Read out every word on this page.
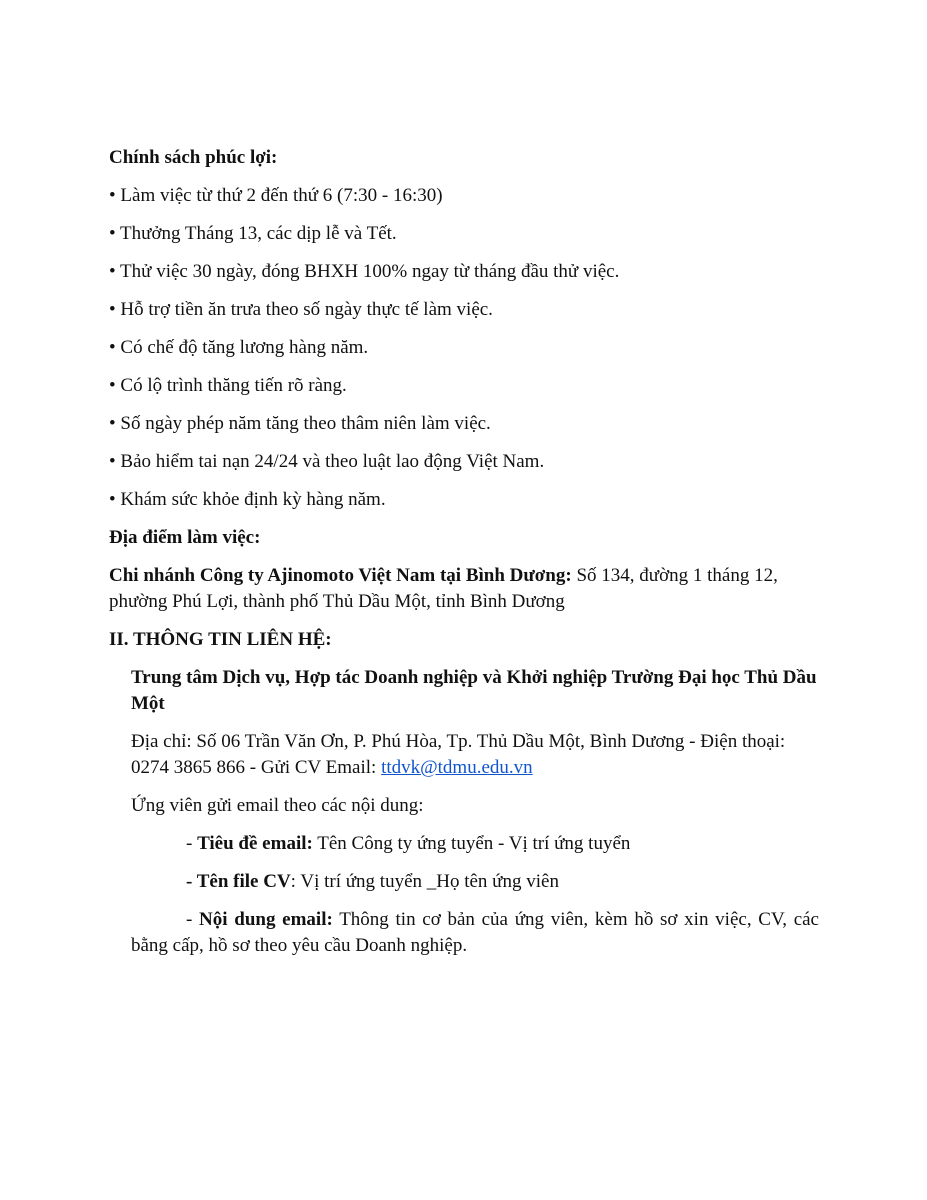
Chính sách phúc lợi:
• Làm việc từ thứ 2 đến thứ 6 (7:30 - 16:30)
• Thưởng Tháng 13, các dịp lễ và Tết.
• Thử việc 30 ngày, đóng BHXH 100% ngay từ tháng đầu thử việc.
• Hỗ trợ tiền ăn trưa theo số ngày thực tế làm việc.
• Có chế độ tăng lương hàng năm.
• Có lộ trình thăng tiến rõ ràng.
• Số ngày phép năm tăng theo thâm niên làm việc.
• Bảo hiểm tai nạn 24/24 và theo luật lao động Việt Nam.
• Khám sức khỏe định kỳ hàng năm.
Địa điểm làm việc:
Chi nhánh Công ty Ajinomoto Việt Nam tại Bình Dương: Số 134, đường 1 tháng 12, phường Phú Lợi, thành phố Thủ Dầu Một, tỉnh Bình Dương
II. THÔNG TIN LIÊN HỆ:
Trung tâm Dịch vụ, Hợp tác Doanh nghiệp và Khởi nghiệp Trường Đại học Thủ Dầu Một
Địa chỉ: Số 06 Trần Văn Ơn, P. Phú Hòa, Tp. Thủ Dầu Một, Bình Dương - Điện thoại: 0274 3865 866 - Gửi CV Email: ttdvk@tdmu.edu.vn
Ứng viên gửi email theo các nội dung:
- Tiêu đề email: Tên Công ty ứng tuyển - Vị trí ứng tuyển
- Tên file CV: Vị trí ứng tuyển _Họ tên ứng viên
- Nội dung email: Thông tin cơ bản của ứng viên, kèm hồ sơ xin việc, CV, các bằng cấp, hồ sơ theo yêu cầu Doanh nghiệp.
